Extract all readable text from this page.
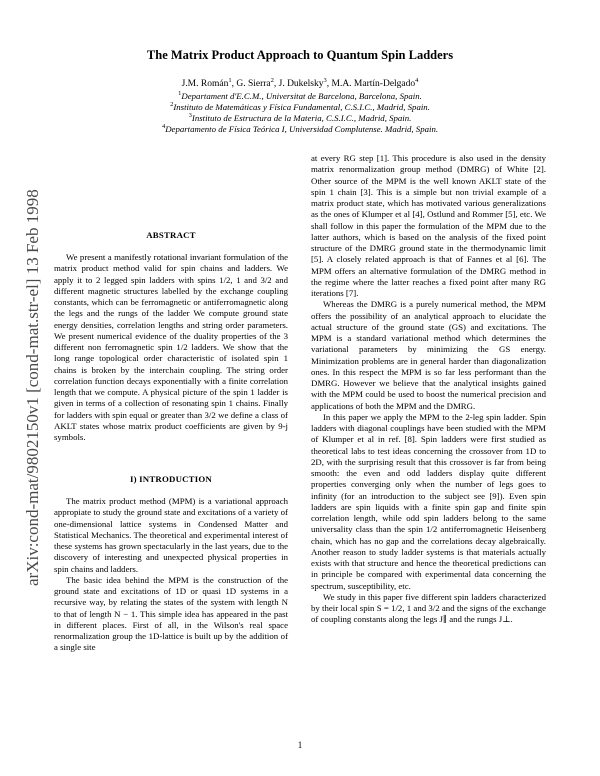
arXiv:cond-mat/9802150v1 [cond-mat.str-el] 13 Feb 1998
The Matrix Product Approach to Quantum Spin Ladders
J.M. Román$^1$, G. Sierra$^2$, J. Dukelsky$^3$, M.A. Martín-Delgado$^4$
$^1$Departament d'E.C.M., Universitat de Barcelona, Barcelona, Spain.
$^2$Instituto de Matemáticas y Física Fundamental, C.S.I.C., Madrid, Spain.
$^3$Instituto de Estructura de la Materia, C.S.I.C., Madrid, Spain.
$^4$Departamento de Física Teórica I, Universidad Complutense. Madrid, Spain.
ABSTRACT

We present a manifestly rotational invariant formulation of the matrix product method valid for spin chains and ladders. We apply it to 2 legged spin ladders with spins 1/2, 1 and 3/2 and different magnetic structures labelled by the exchange coupling constants, which can be ferromagnetic or antiferromagnetic along the legs and the rungs of the ladder We compute ground state energy densities, correlation lengths and string order parameters. We present numerical evidence of the duality properties of the 3 different non ferromagnetic spin 1/2 ladders. We show that the long range topological order characteristic of isolated spin 1 chains is broken by the interchain coupling. The string order correlation function decays exponentially with a finite correlation length that we compute. A physical picture of the spin 1 ladder is given in terms of a collection of resonating spin 1 chains. Finally for ladders with spin equal or greater than 3/2 we define a class of AKLT states whose matrix product coefficients are given by 9-j symbols.

I) INTRODUCTION

The matrix product method (MPM) is a variational approach appropiate to study the ground state and excitations of a variety of one-dimensional lattice systems in Condensed Matter and Statistical Mechanics. The theoretical and experimental interest of these systems has grown spectacularly in the last years, due to the discovery of interesting and unexpected physical properties in spin chains and ladders.

The basic idea behind the MPM is the construction of the ground state and excitations of 1D or quasi 1D systems in a recursive way, by relating the states of the system with length N to that of length N − 1. This simple idea has appeared in the past in different places. First of all, in the Wilson's real space renormalization group the 1D-lattice is built up by the addition of a single site

at every RG step [1]. This procedure is also used in the density matrix renormalization group method (DMRG) of White [2]. Other source of the MPM is the well known AKLT state of the spin 1 chain [3]. This is a simple but non trivial example of a matrix product state, which has motivated various generalizations as the ones of Klumper et al [4], Ostlund and Rommer [5], etc. We shall follow in this paper the formulation of the MPM due to the latter authors, which is based on the analysis of the fixed point structure of the DMRG ground state in the thermodynamic limit [5]. A closely related approach is that of Fannes et al [6]. The MPM offers an alternative formulation of the DMRG method in the regime where the latter reaches a fixed point after many RG iterations [7].

Whereas the DMRG is a purely numerical method, the MPM offers the possibility of an analytical approach to elucidate the actual structure of the ground state (GS) and excitations. The MPM is a standard variational method which determines the variational parameters by minimizing the GS energy. Minimization problems are in general harder than diagonalization ones. In this respect the MPM is so far less performant than the DMRG. However we believe that the analytical insights gained with the MPM could be used to boost the numerical precision and applications of both the MPM and the DMRG.

In this paper we apply the MPM to the 2-leg spin ladder. Spin ladders with diagonal couplings have been studied with the MPM of Klumper et al in ref. [8]. Spin ladders were first studied as theoretical labs to test ideas concerning the crossover from 1D to 2D, with the surprising result that this crossover is far from being smooth: the even and odd ladders display quite different properties converging only when the number of legs goes to infinity (for an introduction to the subject see [9]). Even spin ladders are spin liquids with a finite spin gap and finite spin correlation length, while odd spin ladders belong to the same universality class than the spin 1/2 antiferromagnetic Heisenberg chain, which has no gap and the correlations decay algebraically. Another reason to study ladder systems is that materials actually exists with that structure and hence the theoretical predictions can in principle be compared with experimental data concerning the spectrum, susceptibility, etc.

We study in this paper five different spin ladders characterized by their local spin S = 1/2, 1 and 3/2 and the signs of the exchange of coupling constants along the legs J∥ and the rungs J⊥.

1
